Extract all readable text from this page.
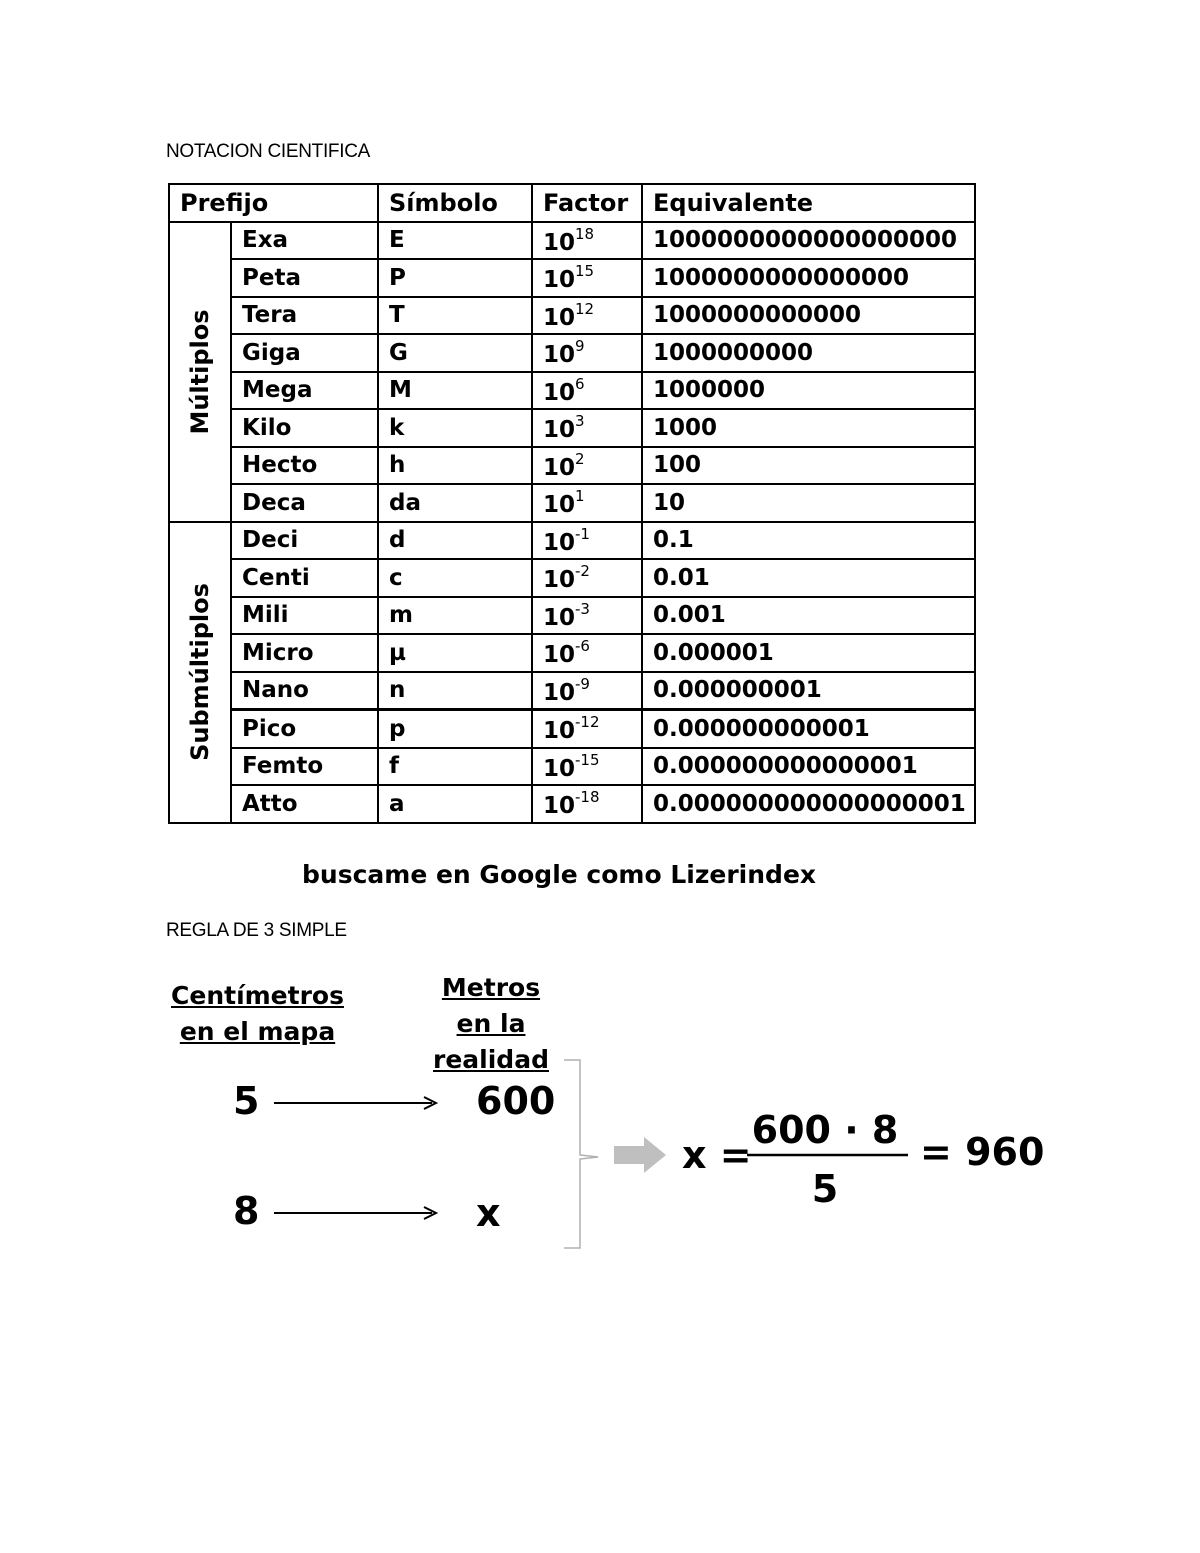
NOTACION CIENTIFICA
Prefijo		Símbolo	Factor	Equivalente

Múltiplos	Exa	E	$10^{18}$	1000000000000000000
	Peta	P	$10^{15}$	1000000000000000
	Tera	T	$10^{12}$	1000000000000
	Giga	G	$10^9$	1000000000
	Mega	M	$10^6$	1000000
	Kilo	k	$10^3$	1000
	Hecto	h	$10^2$	100
	Deca	da	$10^1$	10

Submúltiplos	Deci	d	$10^{-1}$	0.1
	Centi	c	$10^{-2}$	0.01
	Mili	m	$10^{-3}$	0.001
	Micro	µ	$10^{-6}$	0.000001
	Nano	n	$10^{-9}$	0.000000001
	Pico	p	$10^{-12}$	0.000000000001
	Femto	f	$10^{-15}$	0.000000000000001
	Atto	a	$10^{-18}$	0.000000000000000001
buscame en Google como Lizerindex
REGLA DE 3 SIMPLE
Centímetros
en el mapa
Metros
en la realidad
5	600
8	x
x =
600 · 8
5
= 960
